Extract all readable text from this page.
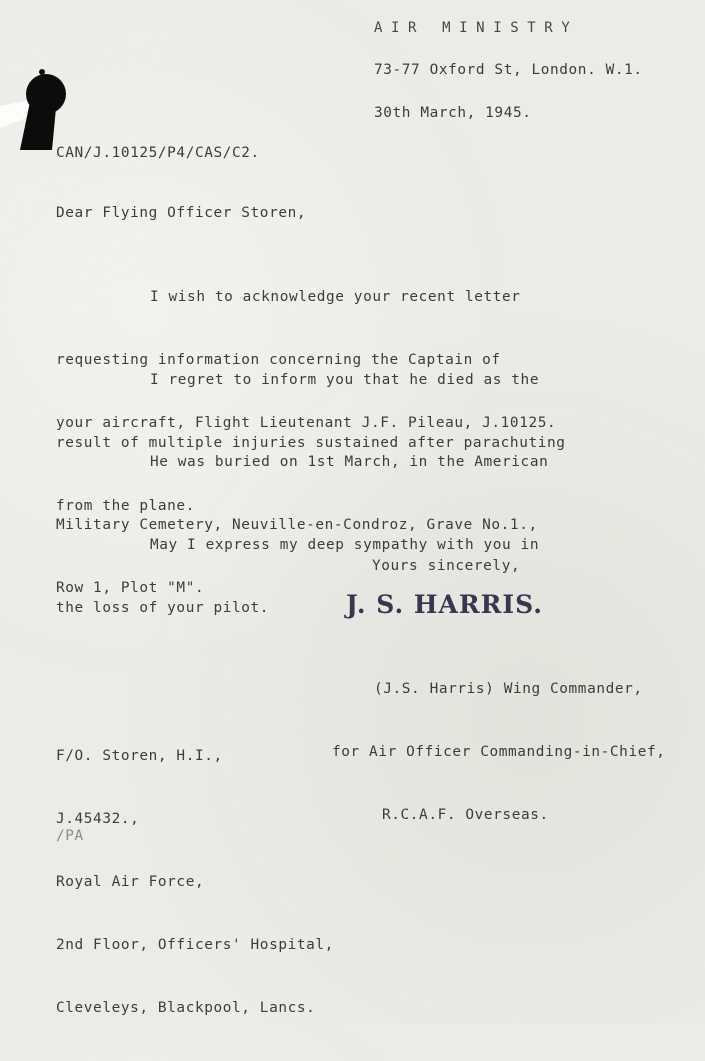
AIR MINISTRY
73-77 Oxford St, London. W.1.
30th March, 1945.
CAN/J.10125/P4/CAS/C2.
Dear Flying Officer Storen,

I wish to acknowledge your recent letter

requesting information concerning the Captain of

your aircraft, Flight Lieutenant J.F. Pileau, J.10125.

I regret to inform you that he died as the

result of multiple injuries sustained after parachuting

from the plane.

He was buried on 1st March, in the American

Military Cemetery, Neuville-en-Condroz, Grave No.1.,

Row 1, Plot "M".

May I express my deep sympathy with you in

the loss of your pilot.

Yours sincerely,
J. S. HARRIS.

(J.S. Harris) Wing Commander,

for Air Officer Commanding-in-Chief,

R.C.A.F. Overseas.

F/O. Storen, H.I.,

J.45432.,

Royal Air Force,

2nd Floor, Officers' Hospital,

Cleveleys, Blackpool, Lancs.

/PA
